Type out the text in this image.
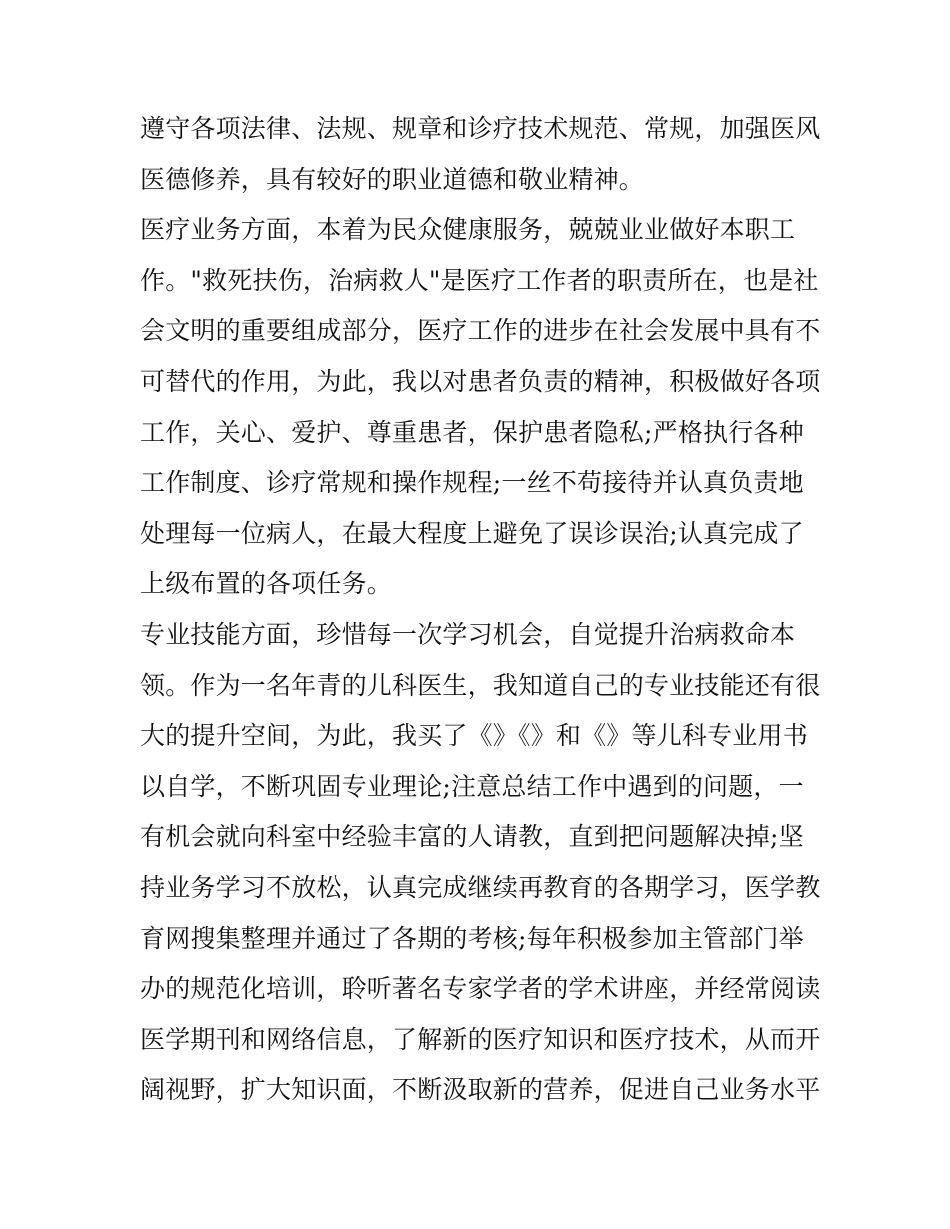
遵守各项法律、法规、规章和诊疗技术规范、常规，加强医风
医德修养，具有较好的职业道德和敬业精神。
医疗业务方面，本着为民众健康服务，兢兢业业做好本职工
作。"救死扶伤，治病救人"是医疗工作者的职责所在，也是社
会文明的重要组成部分，医疗工作的进步在社会发展中具有不
可替代的作用，为此，我以对患者负责的精神，积极做好各项
工作，关心、爱护、尊重患者，保护患者隐私;严格执行各种
工作制度、诊疗常规和操作规程;一丝不苟接待并认真负责地
处理每一位病人，在最大程度上避免了误诊误治;认真完成了
上级布置的各项任务。
专业技能方面，珍惜每一次学习机会，自觉提升治病救命本
领。作为一名年青的儿科医生，我知道自己的专业技能还有很
大的提升空间，为此，我买了《》《》和《》等儿科专业用书
以自学，不断巩固专业理论;注意总结工作中遇到的问题，一
有机会就向科室中经验丰富的人请教，直到把问题解决掉;坚
持业务学习不放松，认真完成继续再教育的各期学习，医学教
育网搜集整理并通过了各期的考核;每年积极参加主管部门举
办的规范化培训，聆听著名专家学者的学术讲座，并经常阅读
医学期刊和网络信息，了解新的医疗知识和医疗技术，从而开
阔视野，扩大知识面，不断汲取新的营养，促进自己业务水平
